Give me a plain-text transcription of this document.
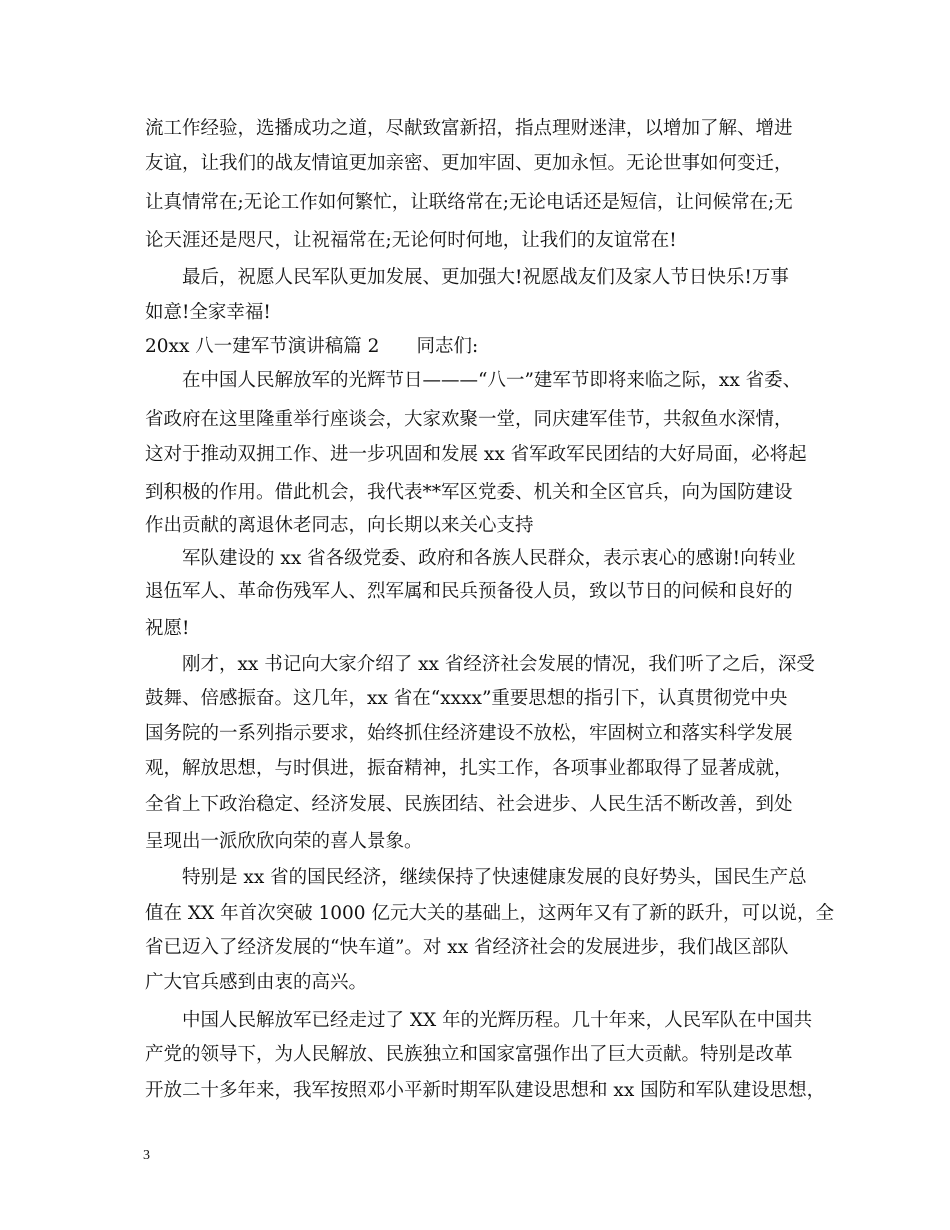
流工作经验，选播成功之道，尽献致富新招，指点理财迷津，以增加了解、增进
友谊，让我们的战友情谊更加亲密、更加牢固、更加永恒。无论世事如何变迁，
让真情常在;无论工作如何繁忙，让联络常在;无论电话还是短信，让问候常在;无
论天涯还是咫尺，让祝福常在;无论何时何地，让我们的友谊常在!
最后，祝愿人民军队更加发展、更加强大!祝愿战友们及家人节日快乐!万事
如意!全家幸福!
20xx 八一建军节演讲稿篇 2　　同志们:
在中国人民解放军的光辉节日———“八一”建军节即将来临之际，xx 省委、
省政府在这里隆重举行座谈会，大家欢聚一堂，同庆建军佳节，共叙鱼水深情，
这对于推动双拥工作、进一步巩固和发展 xx 省军政军民团结的大好局面，必将起
到积极的作用。借此机会，我代表**军区党委、机关和全区官兵，向为国防建设
作出贡献的离退休老同志，向长期以来关心支持
军队建设的 xx 省各级党委、政府和各族人民群众，表示衷心的感谢!向转业
退伍军人、革命伤残军人、烈军属和民兵预备役人员，致以节日的问候和良好的
祝愿!
刚才，xx 书记向大家介绍了 xx 省经济社会发展的情况，我们听了之后，深受
鼓舞、倍感振奋。这几年，xx 省在“xxxx”重要思想的指引下，认真贯彻党中央
国务院的一系列指示要求，始终抓住经济建设不放松，牢固树立和落实科学发展
观，解放思想，与时俱进，振奋精神，扎实工作，各项事业都取得了显著成就，
全省上下政治稳定、经济发展、民族团结、社会进步、人民生活不断改善，到处
呈现出一派欣欣向荣的喜人景象。
特别是 xx 省的国民经济，继续保持了快速健康发展的良好势头，国民生产总
值在 XX 年首次突破 1000 亿元大关的基础上，这两年又有了新的跃升，可以说，全
省已迈入了经济发展的“快车道”。对 xx 省经济社会的发展进步，我们战区部队
广大官兵感到由衷的高兴。
中国人民解放军已经走过了 XX 年的光辉历程。几十年来，人民军队在中国共
产党的领导下，为人民解放、民族独立和国家富强作出了巨大贡献。特别是改革
开放二十多年来，我军按照邓小平新时期军队建设思想和 xx 国防和军队建设思想，
3
